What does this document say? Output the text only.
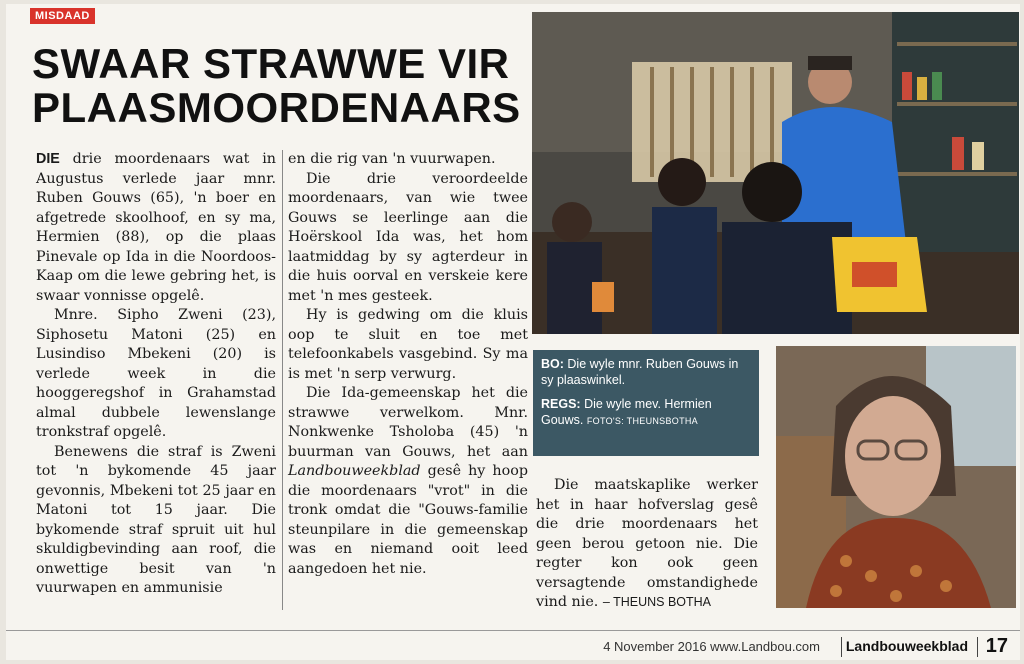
MISDAAD
SWAAR STRAWWE VIR PLAASMOORDENAARS

DIE drie moordenaars wat in Augustus verlede jaar mnr. Ruben Gouws (65), 'n boer en afgetrede skoolhoof, en sy ma, Hermien (88), op die plaas Pinevale op Ida in die Noordoos-Kaap om die lewe gebring het, is swaar vonnisse opgelê.

Mnre. Sipho Zweni (23), Siphosetu Matoni (25) en Lusindiso Mbekeni (20) is verlede week in die hooggeregshof in Grahamstad almal dubbele lewenslange tronkstraf opgelê.

Benewens die straf is Zweni tot 'n bykomende 45 jaar gevonnis, Mbekeni tot 25 jaar en Matoni tot 15 jaar. Die bykomende straf spruit uit hul skuldigbevinding aan roof, die onwettige besit van 'n vuurwapen en ammunisie

en die rig van 'n vuurwapen.

Die drie veroordeelde moordenaars, van wie twee Gouws se leerlinge aan die Hoërskool Ida was, het hom laatmiddag by sy agterdeur in die huis oorval en verskeie kere met 'n mes gesteek.

Hy is gedwing om die kluis oop te sluit en toe met telefoonkabels vasgebind. Sy ma is met 'n serp verwurg.

Die Ida-gemeenskap het die strawwe verwelkom. Mnr. Nonkwenke Tsholoba (45) 'n buurman van Gouws, het aan Landbouweekblad gesê hy hoop die moordenaars "vrot" in die tronk omdat die "Gouws-familie steunpilare in die gemeenskap was en niemand ooit leed aangedoen het nie.

BO: Die wyle mnr. Ruben Gouws in sy plaaswinkel.
REGS: Die wyle mev. Hermien Gouws. FOTO'S: THEUNSBOTHA

Die maatskaplike werker het in haar hofverslag gesê die drie moordenaars het geen berou getoon nie. Die regter kon ook geen versagtende omstandighede vind nie. – THEUNS BOTHA

4 November 2016 www.Landbou.com Landbouweekblad 17
